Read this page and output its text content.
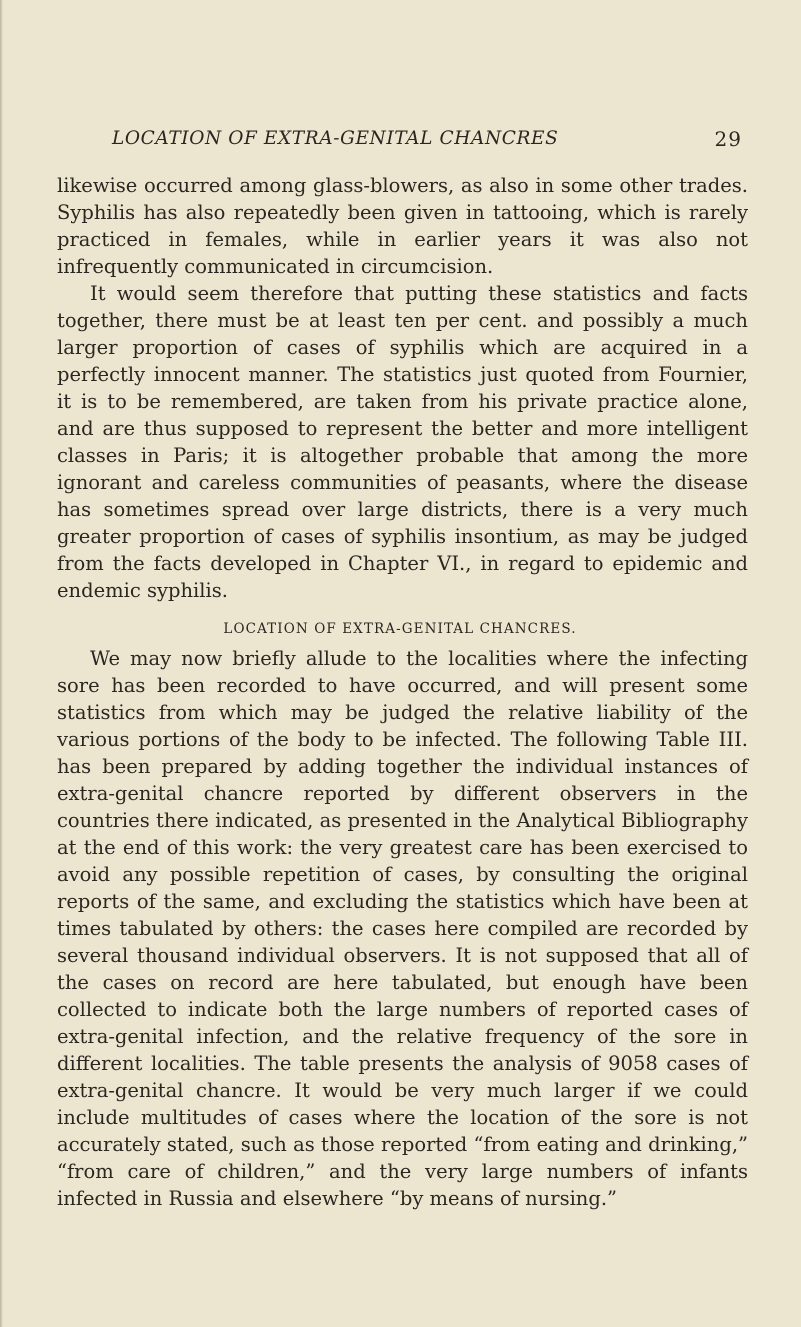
LOCATION OF EXTRA-GENITAL CHANCRES	29

likewise occurred among glass-blowers, as also in some other trades. Syphilis has also repeatedly been given in tattooing, which is rarely practiced in females, while in earlier years it was also not infrequently communicated in circumcision.

It would seem therefore that putting these statistics and facts together, there must be at least ten per cent. and possibly a much larger proportion of cases of syphilis which are acquired in a perfectly innocent manner. The statistics just quoted from Fournier, it is to be remembered, are taken from his private practice alone, and are thus supposed to represent the better and more intelligent classes in Paris; it is altogether probable that among the more ignorant and careless communities of peasants, where the disease has sometimes spread over large districts, there is a very much greater proportion of cases of syphilis insontium, as may be judged from the facts developed in Chapter VI., in regard to epidemic and endemic syphilis.

LOCATION OF EXTRA-GENITAL CHANCRES.

We may now briefly allude to the localities where the infecting sore has been recorded to have occurred, and will present some statistics from which may be judged the relative liability of the various portions of the body to be infected. The following Table III. has been prepared by adding together the individual instances of extra-genital chancre reported by different observers in the countries there indicated, as presented in the Analytical Bibliography at the end of this work: the very greatest care has been exercised to avoid any possible repetition of cases, by consulting the original reports of the same, and excluding the statistics which have been at times tabulated by others: the cases here compiled are recorded by several thousand individual observers. It is not supposed that all of the cases on record are here tabulated, but enough have been collected to indicate both the large numbers of reported cases of extra-genital infection, and the relative frequency of the sore in different localities. The table presents the analysis of 9058 cases of extra-genital chancre. It would be very much larger if we could include multitudes of cases where the location of the sore is not accurately stated, such as those reported “from eating and drinking,” “from care of children,” and the very large numbers of infants infected in Russia and elsewhere “by means of nursing.”
